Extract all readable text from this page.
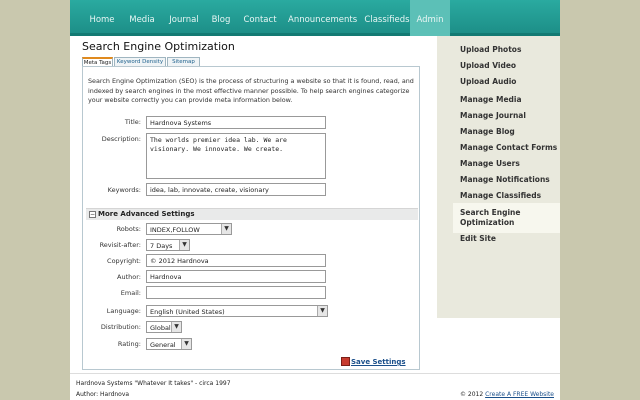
Home	Media	Journal	Blog	Contact Announcements Classifieds Admin
Search Engine Optimization
Meta Tags	Keyword Density	Sitemap
Search Engine Optimization (SEO) is the process of structuring a website so that it is found, read, and indexed by search engines in the most effective manner possible. To help search engines categorize your website correctly you can provide meta information below.
Title:
Hardnova Systems
Description:
The worlds premier idea lab. We are visionary. We innovate. We create.
Keywords:
idea, lab, innovate, create, visionary
− More Advanced Settings
Robots:	INDEX,FOLLOW	▼
Revisit-after:	7 Days	▼
Copyright:
© 2012 Hardnova
Author:
Hardnova
Email:
Language:	English (United States)	▼
Distribution:	Global ▼
Rating:	General	▼
Save Settings
Upload Photos
Upload Video
Upload Audio
Manage Media
Manage Journal
Manage Blog
Manage Contact Forms
Manage Users
Manage Notifications
Manage Classifieds
Search Engine
Optimization
Edit Site
Hardnova Systems "Whatever It takes" - circa 1997
Author: Hardnova	© 2012 Create A FREE Website
